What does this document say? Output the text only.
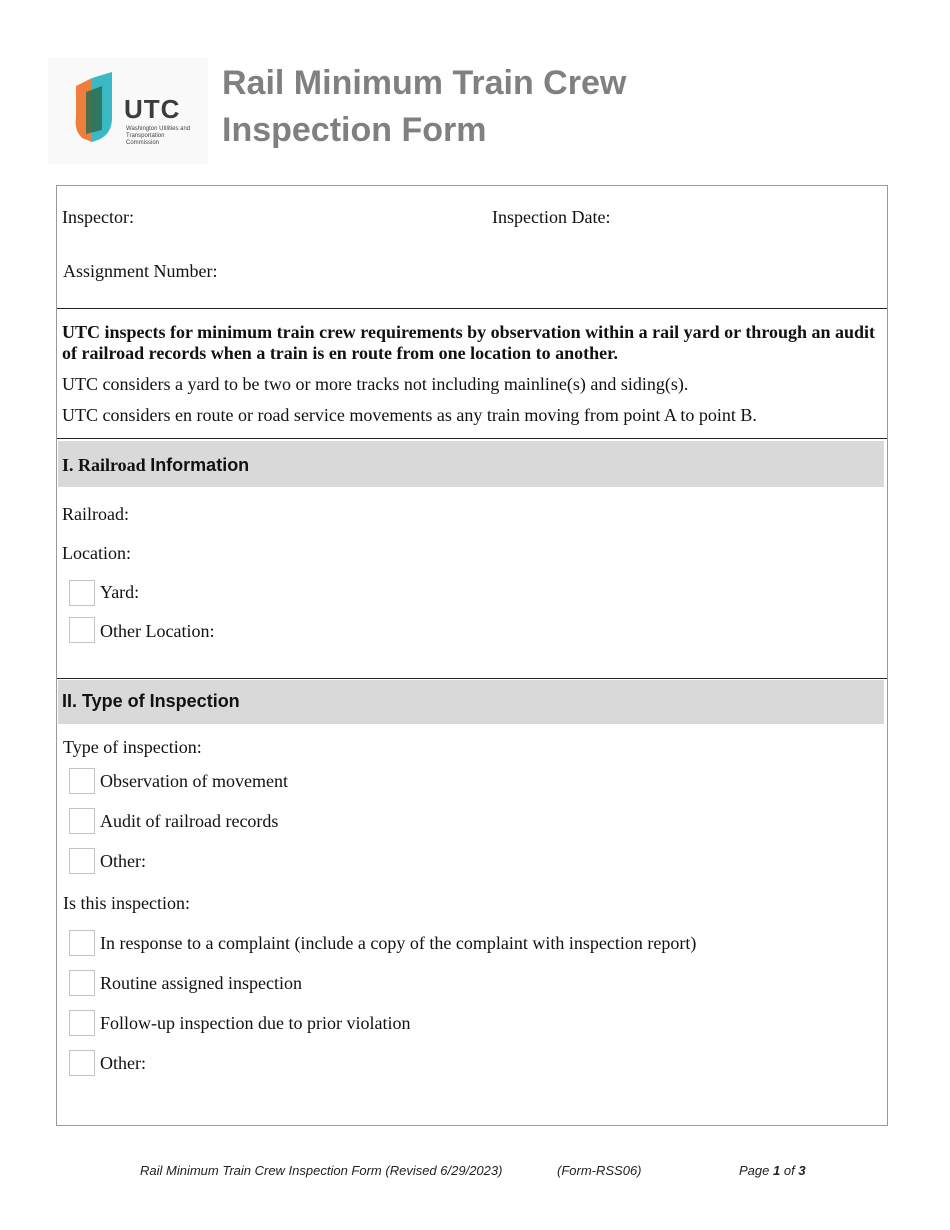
UTC
Washington Utilities and Transportation Commission
Rail Minimum Train Crew
Inspection Form
Inspector:	Inspection Date:
Assignment Number:
UTC inspects for minimum train crew requirements by observation within a rail yard or through an audit of railroad records when a train is en route from one location to another.
UTC considers a yard to be two or more tracks not including mainline(s) and siding(s).
UTC considers en route or road service movements as any train moving from point A to point B.
I. Railroad Information
Railroad:
Location:
Yard:
Other Location:
II. Type of Inspection
Type of inspection:
Observation of movement
Audit of railroad records
Other:
Is this inspection:
In response to a complaint (include a copy of the complaint with inspection report)
Routine assigned inspection
Follow-up inspection due to prior violation
Other:
Rail Minimum Train Crew Inspection Form (Revised 6/29/2023)	(Form-RSS06)	Page 1 of 3
